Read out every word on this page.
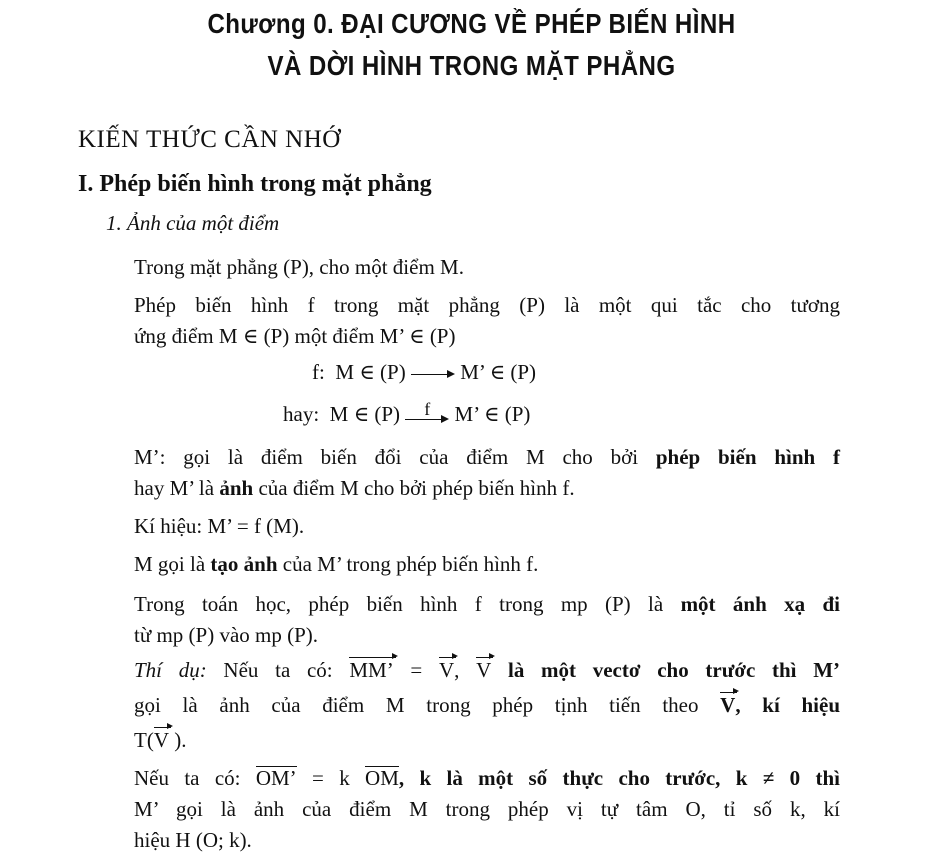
Chương 0. ĐẠI CƯƠNG VỀ PHÉP BIẾN HÌNH
VÀ DỜI HÌNH TRONG MẶT PHẲNG
KIẾN THỨC CẦN NHỚ
I. Phép biến hình trong mặt phẳng
1. Ảnh của một điểm
Trong mặt phẳng (P), cho một điểm M.
Phép biến hình f trong mặt phẳng (P) là một qui tắc cho tương
ứng điểm M ∈ (P) một điểm M’ ∈ (P)
f: M ∈ (P)	M’ ∈ (P)
hay: M ∈ (P)	f	M’ ∈ (P)
M’: gọi là điểm biến đổi của điểm M cho bởi phép biến hình f
hay M’ là ảnh của điểm M cho bởi phép biến hình f.
Kí hiệu: M’ = f (M).
M gọi là tạo ảnh của M’ trong phép biến hình f.
Trong toán học, phép biến hình f trong mp (P) là một ánh xạ đi
từ mp (P) vào mp (P).
Thí dụ: Nếu ta có: MM’ = V, V là một vectơ cho trước thì M’
gọi là ảnh của điểm M trong phép tịnh tiến theo V, kí hiệu
T(V ).
Nếu ta có: OM’ = k OM, k là một số thực cho trước, k ≠ 0 thì
M’ gọi là ảnh của điểm M trong phép vị tự tâm O, tỉ số k, kí
hiệu H (O; k).
